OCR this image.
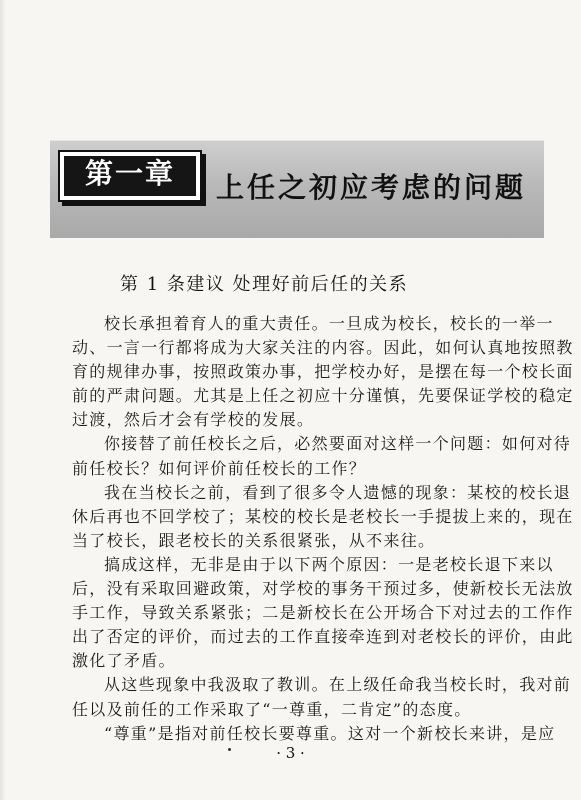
第一章	上任之初应考虑的问题
第 1 条建议 处理好前后任的关系
校长承担着育人的重大责任。一旦成为校长，校长的一举一
动、一言一行都将成为大家关注的内容。因此，如何认真地按照教
育的规律办事，按照政策办事，把学校办好，是摆在每一个校长面
前的严肃问题。尤其是上任之初应十分谨慎，先要保证学校的稳定
过渡，然后才会有学校的发展。
你接替了前任校长之后，必然要面对这样一个问题：如何对待
前任校长？如何评价前任校长的工作？
我在当校长之前，看到了很多令人遗憾的现象：某校的校长退
休后再也不回学校了；某校的校长是老校长一手提拔上来的，现在
当了校长，跟老校长的关系很紧张，从不来往。
搞成这样，无非是由于以下两个原因：一是老校长退下来以
后，没有采取回避政策，对学校的事务干预过多，使新校长无法放
手工作，导致关系紧张；二是新校长在公开场合下对过去的工作作
出了否定的评价，而过去的工作直接牵连到对老校长的评价，由此
激化了矛盾。
从这些现象中我汲取了教训。在上级任命我当校长时，我对前
任以及前任的工作采取了“一尊重，二肯定”的态度。
“尊重”是指对前任校长要尊重。这对一个新校长来讲，是应
· 3 ·
